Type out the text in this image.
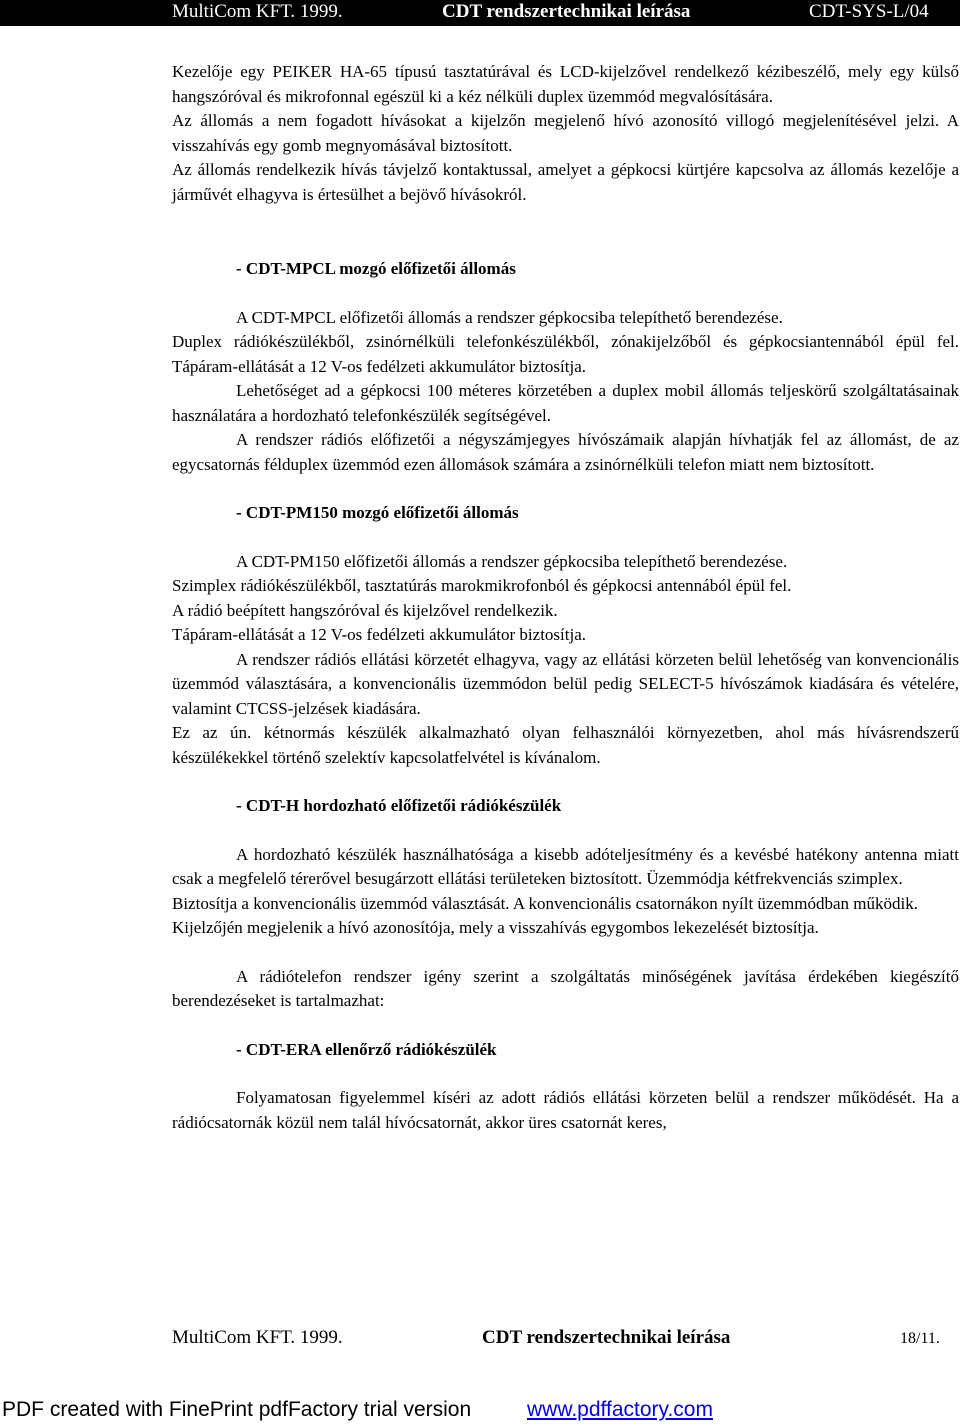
MultiCom KFT. 1999.	CDT rendszertechnikai leírása	CDT-SYS-L/04

Kezelője egy PEIKER HA-65 típusú tasztatúrával és LCD-kijelzővel rendelkező kézibeszélő, mely egy külső hangszóróval és mikrofonnal egészül ki a kéz nélküli duplex üzemmód megvalósítására.

Az állomás a nem fogadott hívásokat a kijelzőn megjelenő hívó azonosító villogó megjelenítésével jelzi. A visszahívás egy gomb megnyomásával biztosított.

Az állomás rendelkezik hívás távjelző kontaktussal, amelyet a gépkocsi kürtjére kapcsolva az állomás kezelője a járművét elhagyva is értesülhet a bejövő hívásokról.

- CDT-MPCL mozgó előfizetői állomás

A CDT-MPCL előfizetői állomás a rendszer gépkocsiba telepíthető berendezése.

Duplex rádiókészülékből, zsinórnélküli telefonkészülékből, zónakijelzőből és gépkocsiantennából épül fel. Tápáram-ellátását a 12 V-os fedélzeti akkumulátor biztosítja.

Lehetőséget ad a gépkocsi 100 méteres körzetében a duplex mobil állomás teljeskörű szolgáltatásainak használatára a hordozható telefonkészülék segítségével.

A rendszer rádiós előfizetői a négyszámjegyes hívószámaik alapján hívhatják fel az állomást, de az egycsatornás félduplex üzemmód ezen állomások számára a zsinórnélküli telefon miatt nem biztosított.

- CDT-PM150 mozgó előfizetői állomás

A CDT-PM150 előfizetői állomás a rendszer gépkocsiba telepíthető berendezése.

Szimplex rádiókészülékből, tasztatúrás marokmikrofonból és gépkocsi antennából épül fel.

A rádió beépített hangszóróval és kijelzővel rendelkezik.

Tápáram-ellátását a 12 V-os fedélzeti akkumulátor biztosítja.

A rendszer rádiós ellátási körzetét elhagyva, vagy az ellátási körzeten belül lehetőség van konvencionális üzemmód választására, a konvencionális üzemmódon belül pedig SELECT-5 hívószámok kiadására és vételére, valamint CTCSS-jelzések kiadására.

Ez az ún. kétnormás készülék alkalmazható olyan felhasználói környezetben, ahol más hívásrendszerű készülékekkel történő szelektív kapcsolatfelvétel is kívánalom.

- CDT-H hordozható előfizetői rádiókészülék

A hordozható készülék használhatósága a kisebb adóteljesítmény és a kevésbé hatékony antenna miatt csak a megfelelő térerővel besugárzott ellátási területeken biztosított. Üzemmódja kétfrekvenciás szimplex.

Biztosítja a konvencionális üzemmód választását. A konvencionális csatornákon nyílt üzemmódban működik.

Kijelzőjén megjelenik a hívó azonosítója, mely a visszahívás egygombos lekezelését biztosítja.

A rádiótelefon rendszer igény szerint a szolgáltatás minőségének javítása érdekében kiegészítő berendezéseket is tartalmazhat:

- CDT-ERA ellenőrző rádiókészülék

Folyamatosan figyelemmel kíséri az adott rádiós ellátási körzeten belül a rendszer működését. Ha a rádiócsatornák közül nem talál hívócsatornát, akkor üres csatornát keres,

MultiCom KFT. 1999.	CDT rendszertechnikai leírása	18/11.
PDF created with FinePrint pdfFactory trial version	www.pdffactory.com
